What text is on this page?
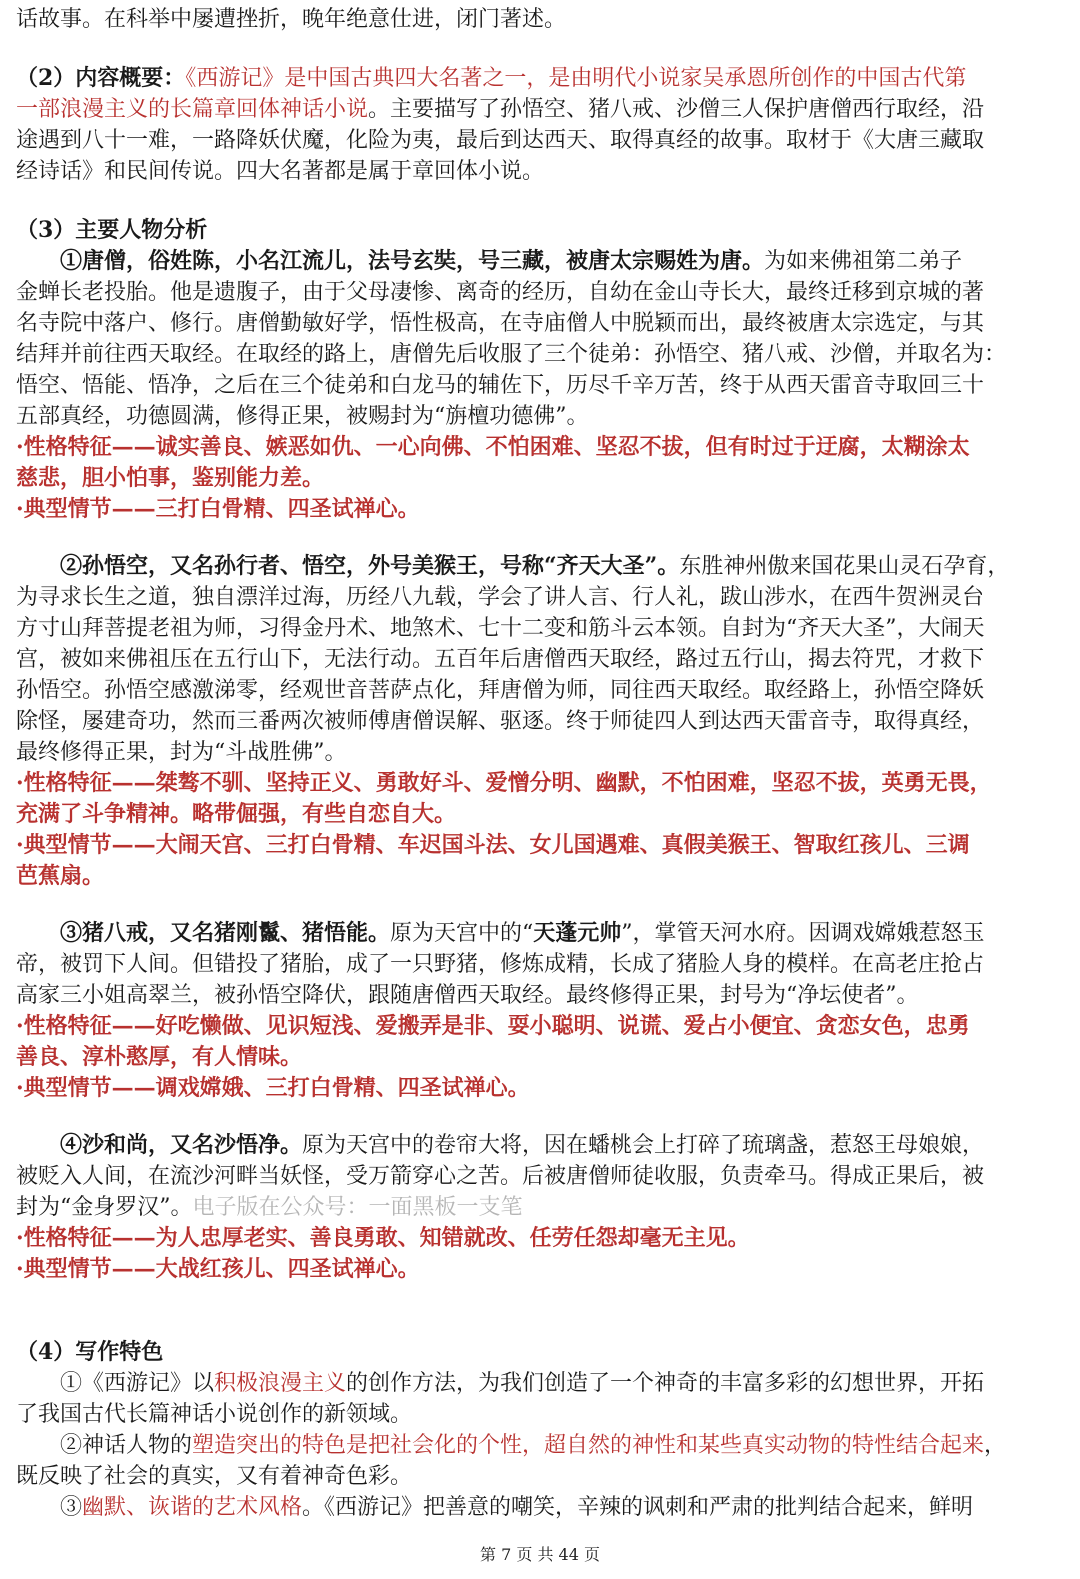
话故事。在科举中屡遭挫折，晚年绝意仕进，闭门著述。
（2）内容概要：《西游记》是中国古典四大名著之一，是由明代小说家吴承恩所创作的中国古代第
一部浪漫主义的长篇章回体神话小说。主要描写了孙悟空、猪八戒、沙僧三人保护唐僧西行取经，沿
途遇到八十一难，一路降妖伏魔，化险为夷，最后到达西天、取得真经的故事。取材于《大唐三藏取
经诗话》和民间传说。四大名著都是属于章回体小说。
（3）主要人物分析
①唐僧，俗姓陈，小名江流儿，法号玄奘，号三藏，被唐太宗赐姓为唐。为如来佛祖第二弟子
金蝉长老投胎。他是遗腹子，由于父母凄惨、离奇的经历，自幼在金山寺长大，最终迁移到京城的著
名寺院中落户、修行。唐僧勤敏好学，悟性极高，在寺庙僧人中脱颖而出，最终被唐太宗选定，与其
结拜并前往西天取经。在取经的路上，唐僧先后收服了三个徒弟：孙悟空、猪八戒、沙僧，并取名为：
悟空、悟能、悟净，之后在三个徒弟和白龙马的辅佐下，历尽千辛万苦，终于从西天雷音寺取回三十
五部真经，功德圆满，修得正果，被赐封为“旃檀功德佛”。
·性格特征——诚实善良、嫉恶如仇、一心向佛、不怕困难、坚忍不拔，但有时过于迂腐，太糊涂太
慈悲，胆小怕事，鉴别能力差。
·典型情节——三打白骨精、四圣试禅心。
②孙悟空，又名孙行者、悟空，外号美猴王，号称“齐天大圣”。东胜神州傲来国花果山灵石孕育，
为寻求长生之道，独自漂洋过海，历经八九载，学会了讲人言、行人礼，跋山涉水，在西牛贺洲灵台
方寸山拜菩提老祖为师，习得金丹术、地煞术、七十二变和筋斗云本领。自封为“齐天大圣”，大闹天
宫，被如来佛祖压在五行山下，无法行动。五百年后唐僧西天取经，路过五行山，揭去符咒，才救下
孙悟空。孙悟空感激涕零，经观世音菩萨点化，拜唐僧为师，同往西天取经。取经路上，孙悟空降妖
除怪，屡建奇功，然而三番两次被师傅唐僧误解、驱逐。终于师徒四人到达西天雷音寺，取得真经，
最终修得正果，封为“斗战胜佛”。
·性格特征——桀骜不驯、坚持正义、勇敢好斗、爱憎分明、幽默，不怕困难，坚忍不拔，英勇无畏，
充满了斗争精神。略带倔强，有些自恋自大。
·典型情节——大闹天宫、三打白骨精、车迟国斗法、女儿国遇难、真假美猴王、智取红孩儿、三调
芭蕉扇。
③猪八戒，又名猪刚鬣、猪悟能。原为天宫中的“天蓬元帅”，掌管天河水府。因调戏嫦娥惹怒玉
帝，被罚下人间。但错投了猪胎，成了一只野猪，修炼成精，长成了猪脸人身的模样。在高老庄抢占
高家三小姐高翠兰，被孙悟空降伏，跟随唐僧西天取经。最终修得正果，封号为“净坛使者”。
·性格特征——好吃懒做、见识短浅、爱搬弄是非、耍小聪明、说谎、爱占小便宜、贪恋女色，忠勇
善良、淳朴憨厚，有人情味。
·典型情节——调戏嫦娥、三打白骨精、四圣试禅心。
④沙和尚，又名沙悟净。原为天宫中的卷帘大将，因在蟠桃会上打碎了琉璃盏，惹怒王母娘娘，
被贬入人间，在流沙河畔当妖怪，受万箭穿心之苦。后被唐僧师徒收服，负责牵马。得成正果后，被
封为“金身罗汉”。电子版在公众号：一面黑板一支笔
·性格特征——为人忠厚老实、善良勇敢、知错就改、任劳任怨却毫无主见。
·典型情节——大战红孩儿、四圣试禅心。
（4）写作特色
①《西游记》以积极浪漫主义的创作方法，为我们创造了一个神奇的丰富多彩的幻想世界，开拓
了我国古代长篇神话小说创作的新领域。
②神话人物的塑造突出的特色是把社会化的个性，超自然的神性和某些真实动物的特性结合起来，
既反映了社会的真实，又有着神奇色彩。
③幽默、诙谐的艺术风格。《西游记》把善意的嘲笑，辛辣的讽刺和严肃的批判结合起来，鲜明
第 7 页 共 44 页
